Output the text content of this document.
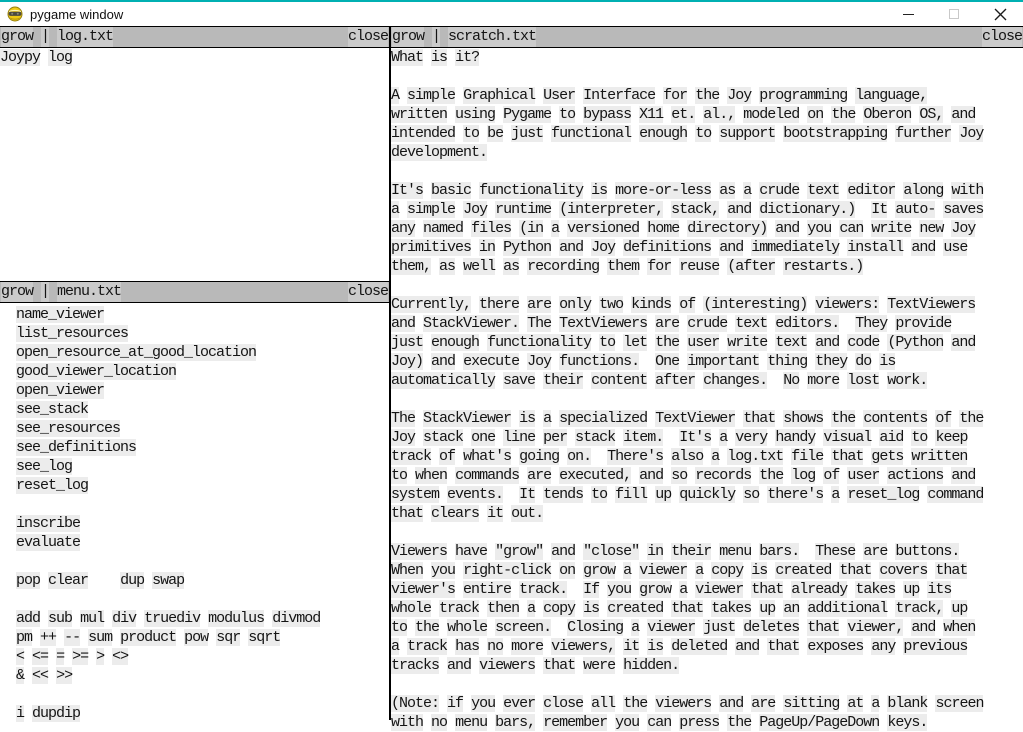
pygame window
grow | log.txt	close
Joypy log
grow | menu.txt	close
name_viewer
list_resources
open_resource_at_good_location
good_viewer_location
open_viewer
see_stack
see_resources
see_definitions
see_log
reset_log
inscribe
evaluate
pop clear dup swap
add sub mul div truediv modulus divmod
pm ++ -- sum product pow sqr sqrt
< <= = >= > <>
& << >>
i dupdip
grow | scratch.txt	close
What is it?
A simple Graphical User Interface for the Joy programming language,
written using Pygame to bypass X11 et. al., modeled on the Oberon OS, and
intended to be just functional enough to support bootstrapping further Joy
development.
It's basic functionality is more-or-less as a crude text editor along with
a simple Joy runtime (interpreter, stack, and dictionary.) It auto- saves
any named files (in a versioned home directory) and you can write new Joy
primitives in Python and Joy definitions and immediately install and use
them, as well as recording them for reuse (after restarts.)
Currently, there are only two kinds of (interesting) viewers: TextViewers
and StackViewer. The TextViewers are crude text editors. They provide
just enough functionality to let the user write text and code (Python and
Joy) and execute Joy functions. One important thing they do is
automatically save their content after changes. No more lost work.
The StackViewer is a specialized TextViewer that shows the contents of the
Joy stack one line per stack item. It's a very handy visual aid to keep
track of what's going on. There's also a log.txt file that gets written
to when commands are executed, and so records the log of user actions and
system events. It tends to fill up quickly so there's a reset_log command
that clears it out.
Viewers have "grow" and "close" in their menu bars. These are buttons.
When you right-click on grow a viewer a copy is created that covers that
viewer's entire track. If you grow a viewer that already takes up its
whole track then a copy is created that takes up an additional track, up
to the whole screen. Closing a viewer just deletes that viewer, and when
a track has no more viewers, it is deleted and that exposes any previous
tracks and viewers that were hidden.
(Note: if you ever close all the viewers and are sitting at a blank screen
with no menu bars, remember you can press the PageUp/PageDown keys.
